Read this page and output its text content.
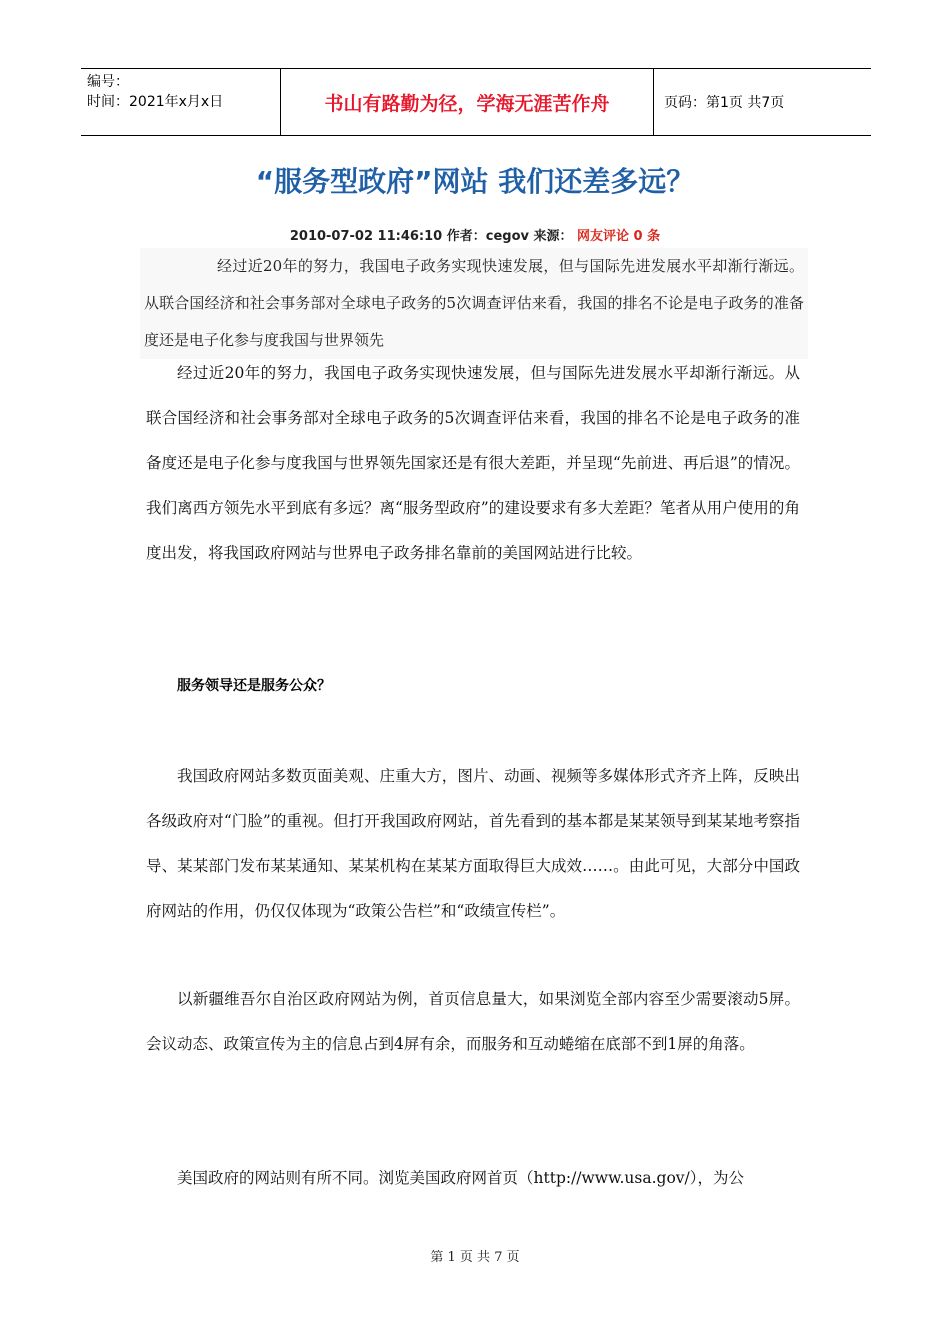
编号：
时间：2021年x月x日	书山有路勤为径，学海无涯苦作舟	页码：第1页 共7页
“服务型政府”网站 我们还差多远？
2010-07-02 11:46:10 作者：cegov 来源： 网友评论 0 条

经过近20年的努力，我国电子政务实现快速发展，但与国际先进发展水平却渐行渐远。从联合国经济和社会事务部对全球电子政务的5次调查评估来看，我国的排名不论是电子政务的准备度还是电子化参与度我国与世界领先

经过近20年的努力，我国电子政务实现快速发展，但与国际先进发展水平却渐行渐远。从联合国经济和社会事务部对全球电子政务的5次调查评估来看，我国的排名不论是电子政务的准备度还是电子化参与度我国与世界领先国家还是有很大差距，并呈现“先前进、再后退”的情况。我们离西方领先水平到底有多远？离“服务型政府”的建设要求有多大差距？笔者从用户使用的角度出发，将我国政府网站与世界电子政务排名靠前的美国网站进行比较。

服务领导还是服务公众？

我国政府网站多数页面美观、庄重大方，图片、动画、视频等多媒体形式齐齐上阵，反映出各级政府对“门脸”的重视。但打开我国政府网站，首先看到的基本都是某某领导到某某地考察指导、某某部门发布某某通知、某某机构在某某方面取得巨大成效……。由此可见，大部分中国政府网站的作用，仍仅仅体现为“政策公告栏”和“政绩宣传栏”。

以新疆维吾尔自治区政府网站为例，首页信息量大，如果浏览全部内容至少需要滚动5屏。会议动态、政策宣传为主的信息占到4屏有余，而服务和互动蜷缩在底部不到1屏的角落。

美国政府的网站则有所不同。浏览美国政府网首页（http://www.usa.gov/），为公

第 1 页 共 7 页
